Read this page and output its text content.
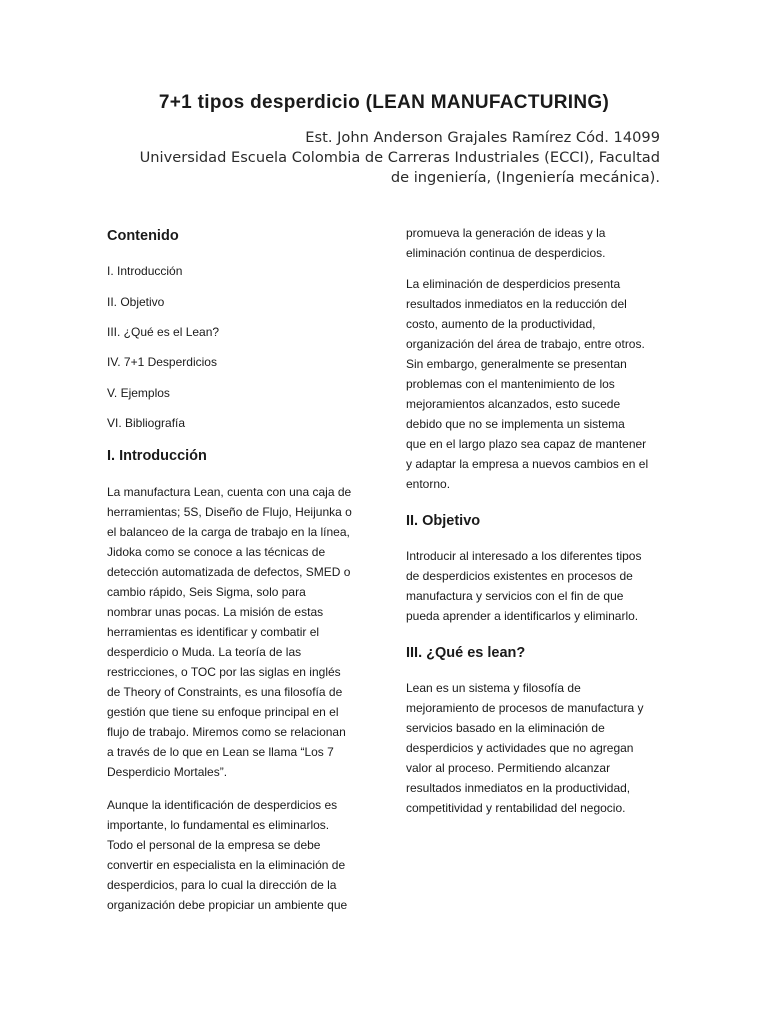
7+1 tipos desperdicio (LEAN MANUFACTURING)
Est. John Anderson Grajales Ramírez Cód. 14099
Universidad Escuela Colombia de Carreras Industriales (ECCI), Facultad
de ingeniería, (Ingeniería mecánica).
Contenido

I. Introducción

II. Objetivo

III. ¿Qué es el Lean?

IV. 7+1 Desperdicios

V. Ejemplos

VI. Bibliografía

I. Introducción
La manufactura Lean, cuenta con una caja de
herramientas; 5S, Diseño de Flujo, Heijunka o
el balanceo de la carga de trabajo en la línea,
Jidoka como se conoce a las técnicas de
detección automatizada de defectos, SMED o
cambio rápido, Seis Sigma, solo para
nombrar unas pocas. La misión de estas
herramientas es identificar y combatir el
desperdicio o Muda. La teoría de las
restricciones, o TOC por las siglas en inglés
de Theory of Constraints, es una filosofía de
gestión que tiene su enfoque principal en el
flujo de trabajo. Miremos como se relacionan
a través de lo que en Lean se llama “Los 7
Desperdicio Mortales”.
Aunque la identificación de desperdicios es
importante, lo fundamental es eliminarlos.
Todo el personal de la empresa se debe
convertir en especialista en la eliminación de
desperdicios, para lo cual la dirección de la
organización debe propiciar un ambiente que
promueva la generación de ideas y la
eliminación continua de desperdicios.
La eliminación de desperdicios presenta
resultados inmediatos en la reducción del
costo, aumento de la productividad,
organización del área de trabajo, entre otros.
Sin embargo, generalmente se presentan
problemas con el mantenimiento de los
mejoramientos alcanzados, esto sucede
debido que no se implementa un sistema
que en el largo plazo sea capaz de mantener
y adaptar la empresa a nuevos cambios en el
entorno.
II. Objetivo
Introducir al interesado a los diferentes tipos
de desperdicios existentes en procesos de
manufactura y servicios con el fin de que
pueda aprender a identificarlos y eliminarlo.
III. ¿Qué es lean?
Lean es un sistema y filosofía de
mejoramiento de procesos de manufactura y
servicios basado en la eliminación de
desperdicios y actividades que no agregan
valor al proceso. Permitiendo alcanzar
resultados inmediatos en la productividad,
competitividad y rentabilidad del negocio.
